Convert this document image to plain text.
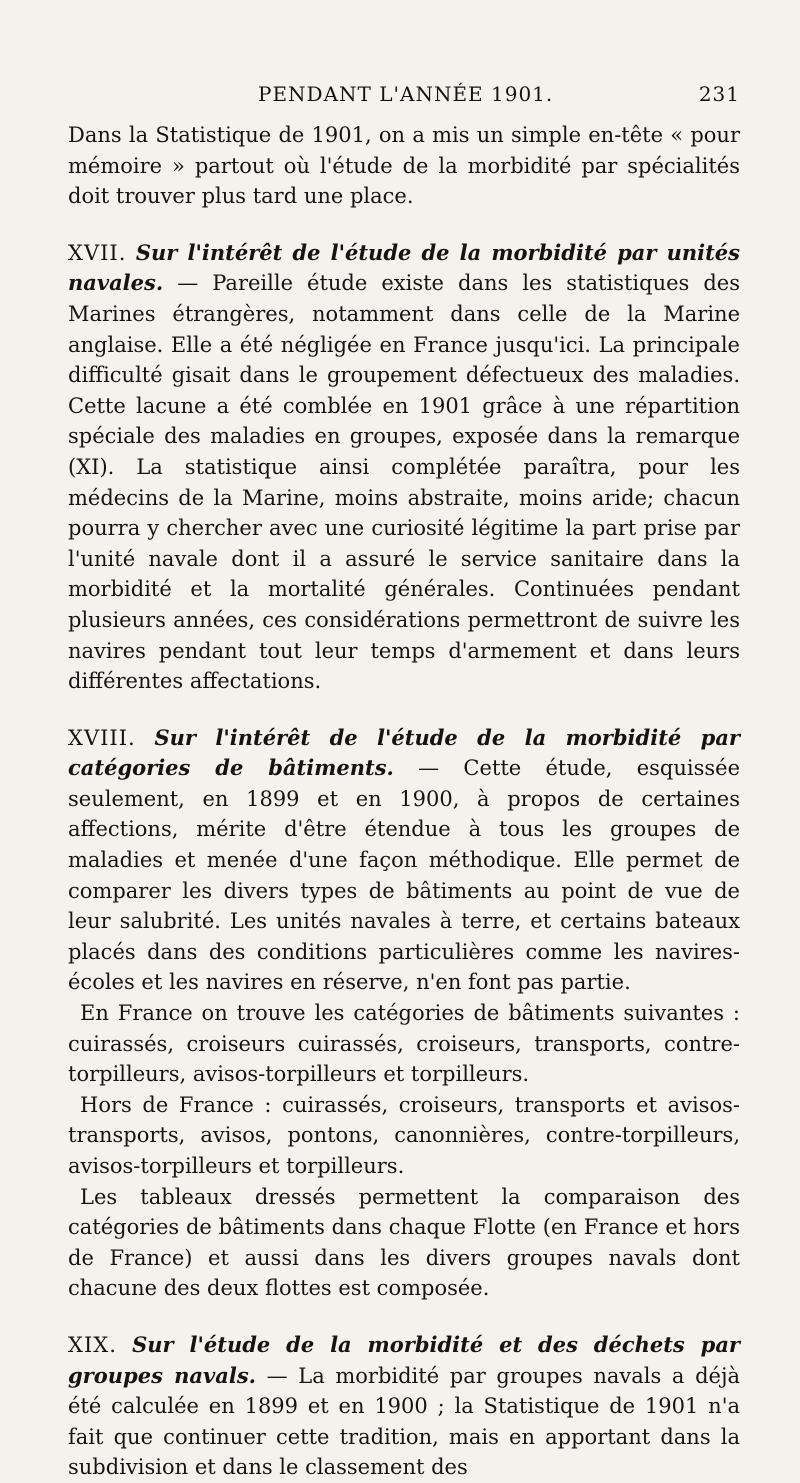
PENDANT L'ANNÉE 1901.	231

Dans la Statistique de 1901, on a mis un simple en-tête « pour mémoire » partout où l'étude de la morbidité par spécialités doit trouver plus tard une place.

XVII. Sur l'intérêt de l'étude de la morbidité par unités navales. — Pareille étude existe dans les statistiques des Marines étrangères, notamment dans celle de la Marine anglaise. Elle a été négligée en France jusqu'ici. La principale difficulté gisait dans le groupement défectueux des maladies. Cette lacune a été comblée en 1901 grâce à une répartition spéciale des maladies en groupes, exposée dans la remarque (XI). La statistique ainsi complétée paraîtra, pour les médecins de la Marine, moins abstraite, moins aride; chacun pourra y chercher avec une curiosité légitime la part prise par l'unité navale dont il a assuré le service sanitaire dans la morbidité et la mortalité générales. Continuées pendant plusieurs années, ces considérations permettront de suivre les navires pendant tout leur temps d'armement et dans leurs différentes affectations.

XVIII. Sur l'intérêt de l'étude de la morbidité par catégories de bâtiments. — Cette étude, esquissée seulement, en 1899 et en 1900, à propos de certaines affections, mérite d'être étendue à tous les groupes de maladies et menée d'une façon méthodique. Elle permet de comparer les divers types de bâtiments au point de vue de leur salubrité. Les unités navales à terre, et certains bateaux placés dans des conditions particulières comme les navires-écoles et les navires en réserve, n'en font pas partie.

En France on trouve les catégories de bâtiments suivantes : cuirassés, croiseurs cuirassés, croiseurs, transports, contre-torpilleurs, avisos-torpilleurs et torpilleurs.

Hors de France : cuirassés, croiseurs, transports et avisos-transports, avisos, pontons, canonnières, contre-torpilleurs, avisos-torpilleurs et torpilleurs.

Les tableaux dressés permettent la comparaison des catégories de bâtiments dans chaque Flotte (en France et hors de France) et aussi dans les divers groupes navals dont chacune des deux flottes est composée.

XIX. Sur l'étude de la morbidité et des déchets par groupes navals. — La morbidité par groupes navals a déjà été calculée en 1899 et en 1900 ; la Statistique de 1901 n'a fait que continuer cette tradition, mais en apportant dans la subdivision et dans le classement des
